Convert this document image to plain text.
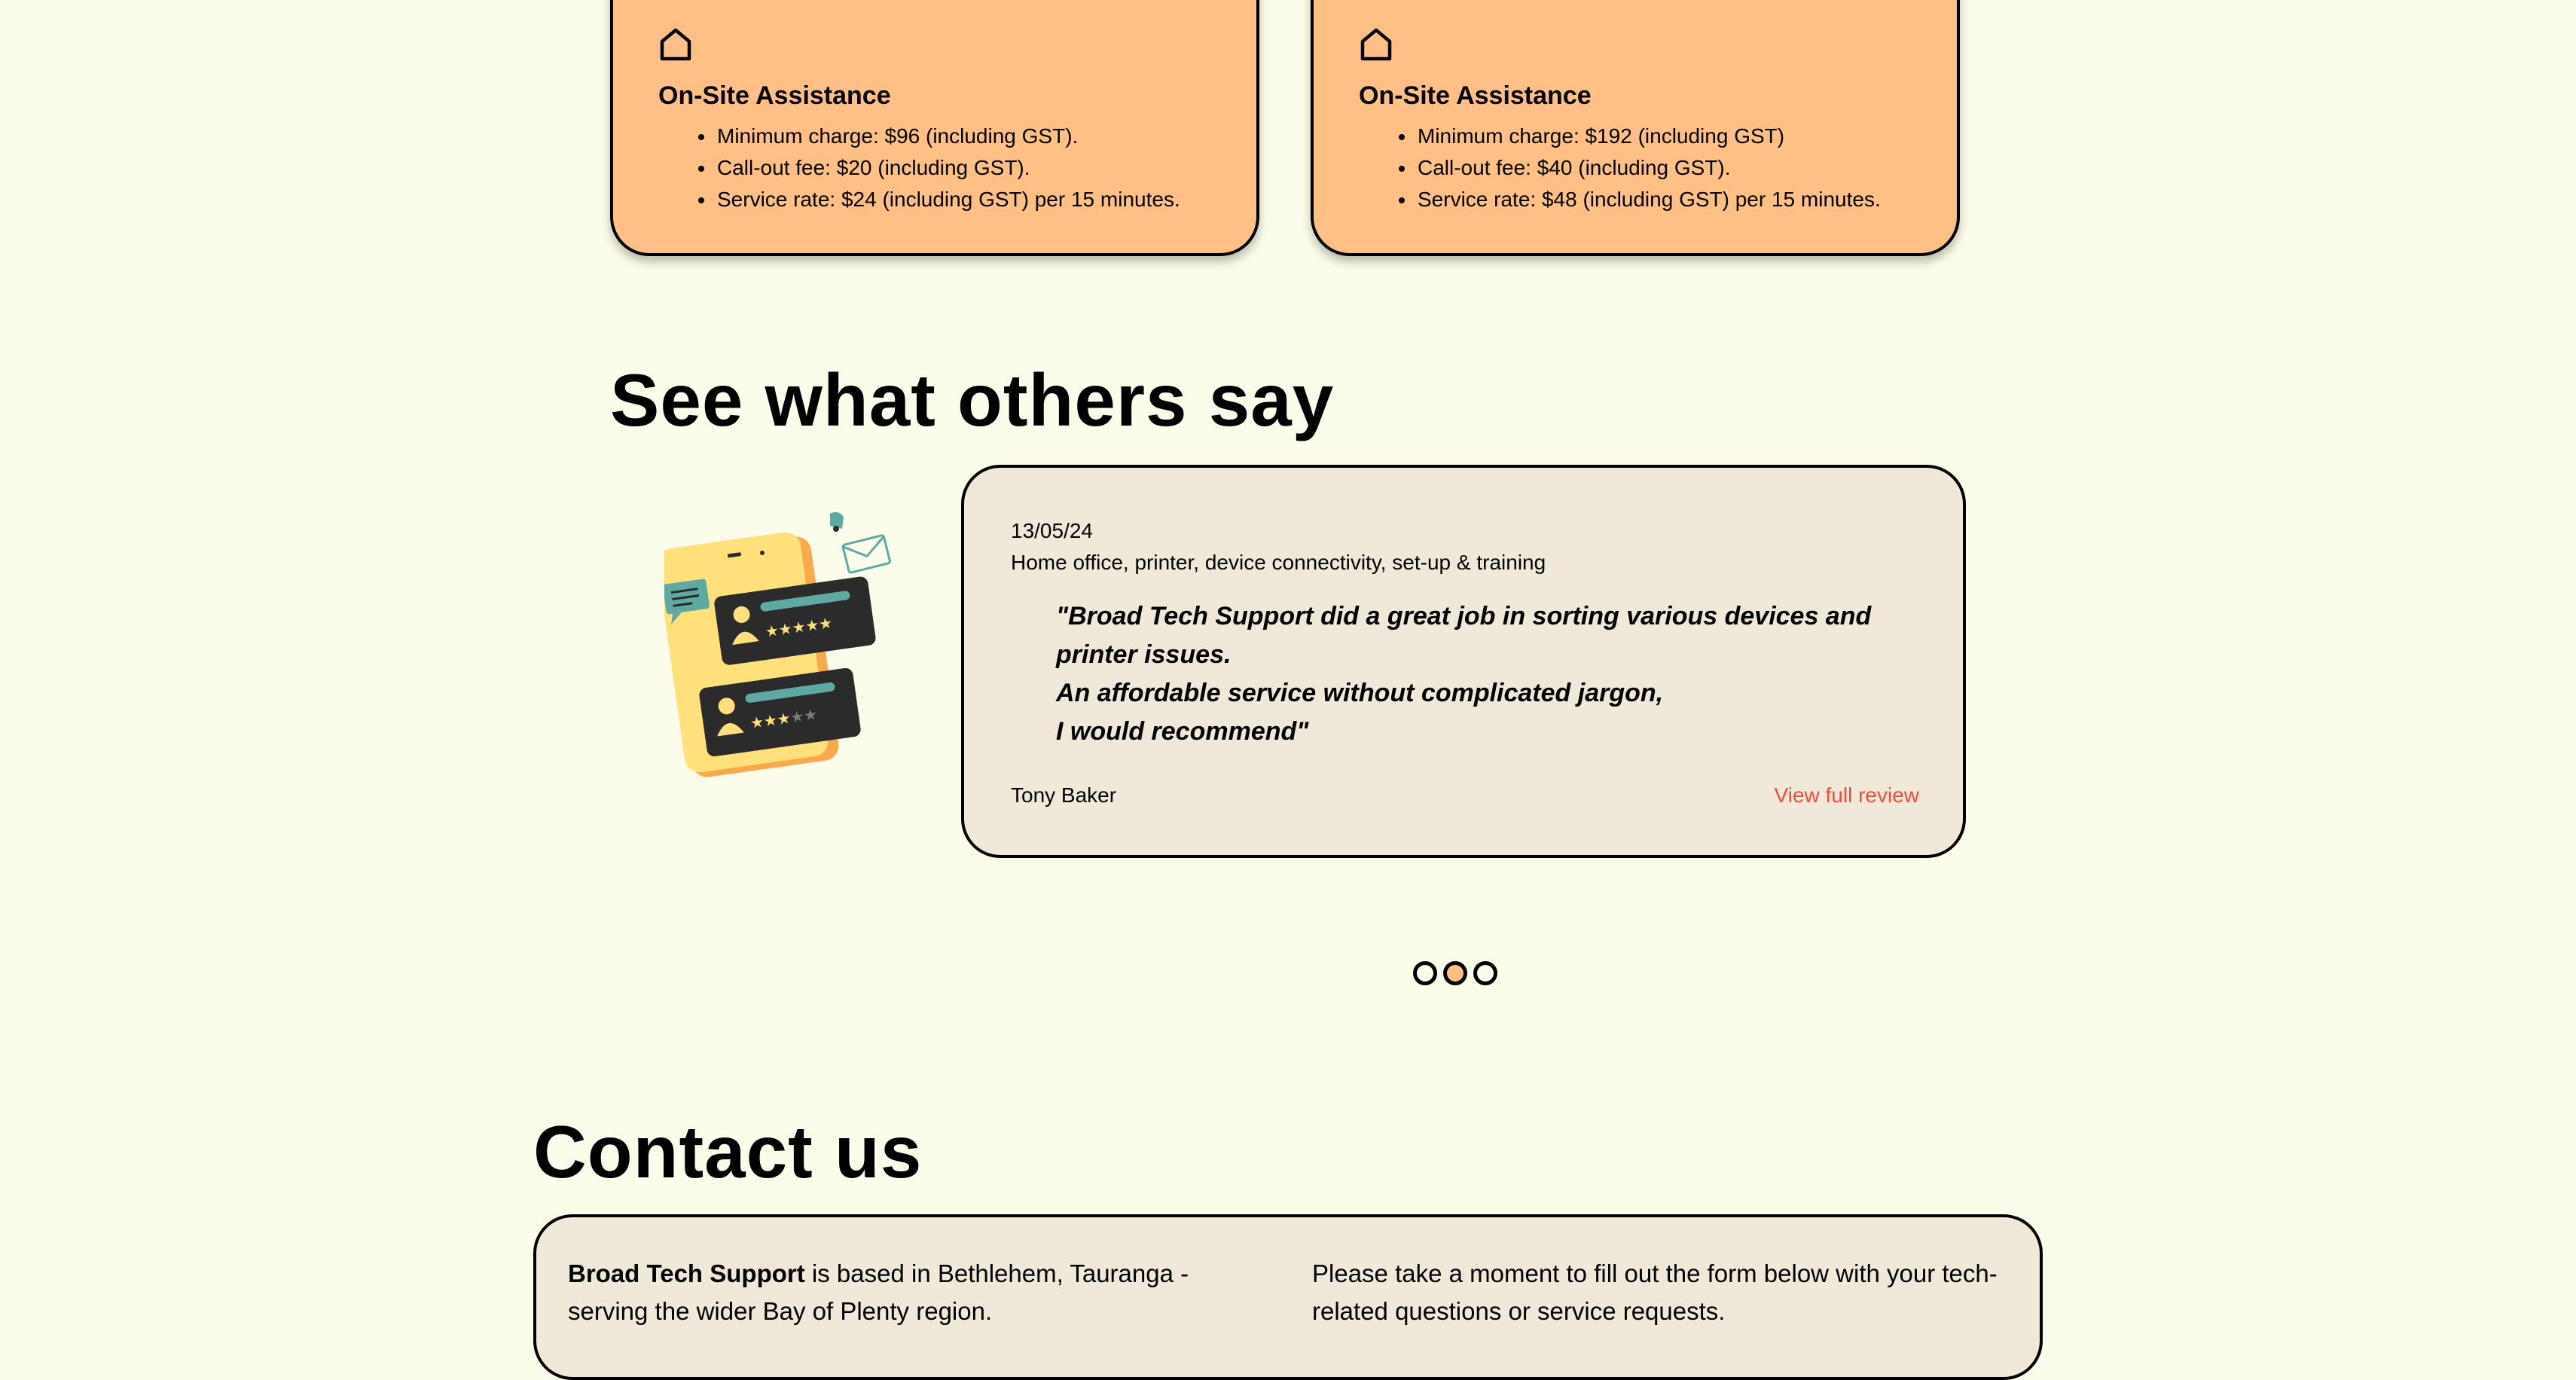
On-Site Assistance
• Minimum charge: $96 (including GST).
• Call-out fee: $20 (including GST).
• Service rate: $24 (including GST) per 15 minutes.
On-Site Assistance
• Minimum charge: $192 (including GST)
• Call-out fee: $40 (including GST).
• Service rate: $48 (including GST) per 15 minutes.
See what others say
★★★★★
★★★★★
13/05/24
Home office, printer, device connectivity, set-up & training

"Broad Tech Support did a great job in sorting various devices and printer issues.
An affordable service without complicated jargon,
I would recommend"

Tony Baker	View full review
Contact us

Broad Tech Support is based in Bethlehem, Tauranga - serving the wider Bay of Plenty region.

Please take a moment to fill out the form below with your tech-related questions or service requests.
